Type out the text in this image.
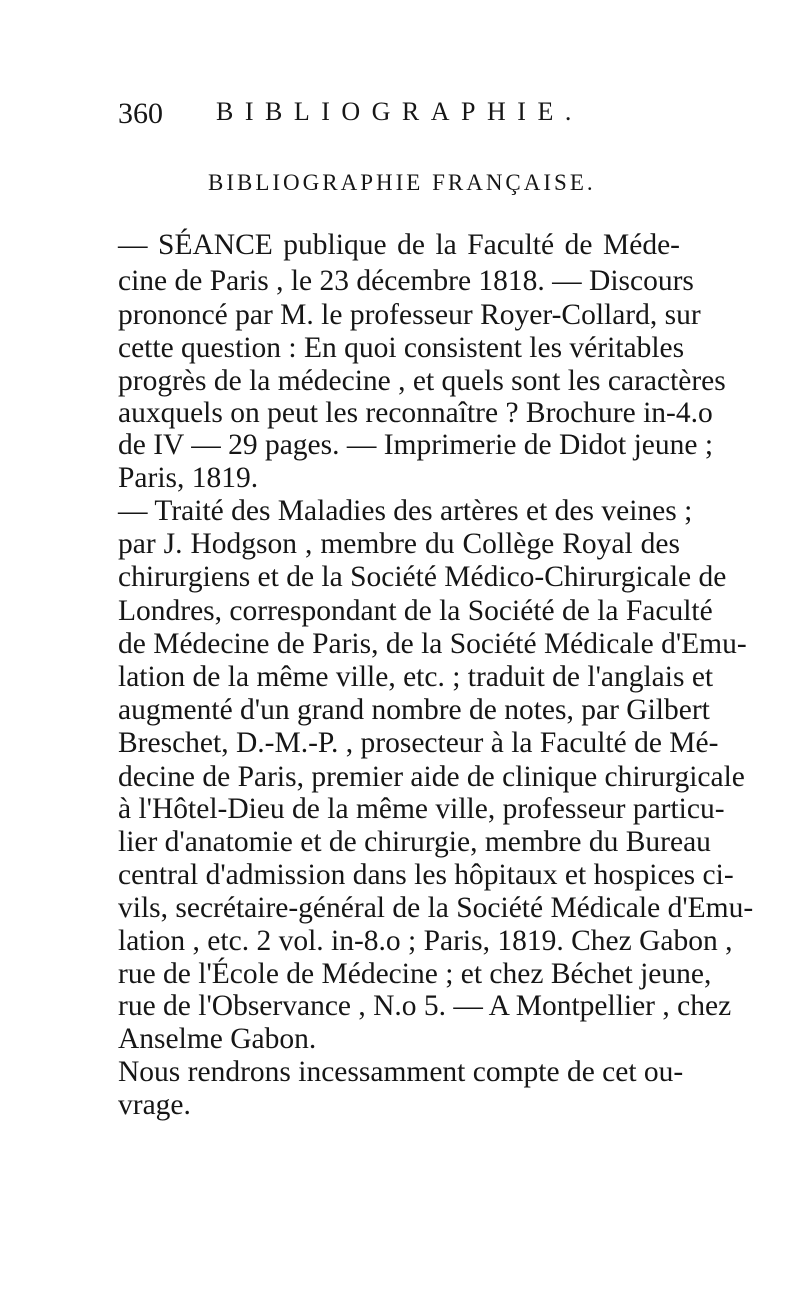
360 BIBLIOGRAPHIE.
BIBLIOGRAPHIE FRANÇAISE.
— SÉANCE publique de la Faculté de Méde-
cine de Paris , le 23 décembre 1818. — Discours
prononcé par M. le professeur Royer-Collard, sur
cette question : En quoi consistent les véritables
progrès de la médecine , et quels sont les caractères
auxquels on peut les reconnaître ? Brochure in-4.o
de IV — 29 pages. — Imprimerie de Didot jeune ;
Paris, 1819.
— Traité des Maladies des artères et des veines ;
par J. Hodgson , membre du Collège Royal des
chirurgiens et de la Société Médico-Chirurgicale de
Londres, correspondant de la Société de la Faculté
de Médecine de Paris, de la Société Médicale d'Emu-
lation de la même ville, etc. ; traduit de l'anglais et
augmenté d'un grand nombre de notes, par Gilbert
Breschet, D.-M.-P. , prosecteur à la Faculté de Mé-
decine de Paris, premier aide de clinique chirurgicale
à l'Hôtel-Dieu de la même ville, professeur particu-
lier d'anatomie et de chirurgie, membre du Bureau
central d'admission dans les hôpitaux et hospices ci-
vils, secrétaire-général de la Société Médicale d'Emu-
lation , etc. 2 vol. in-8.o ; Paris, 1819. Chez Gabon ,
rue de l'École de Médecine ; et chez Béchet jeune,
rue de l'Observance , N.o 5. — A Montpellier , chez
Anselme Gabon.
Nous rendrons incessamment compte de cet ou-
vrage.
